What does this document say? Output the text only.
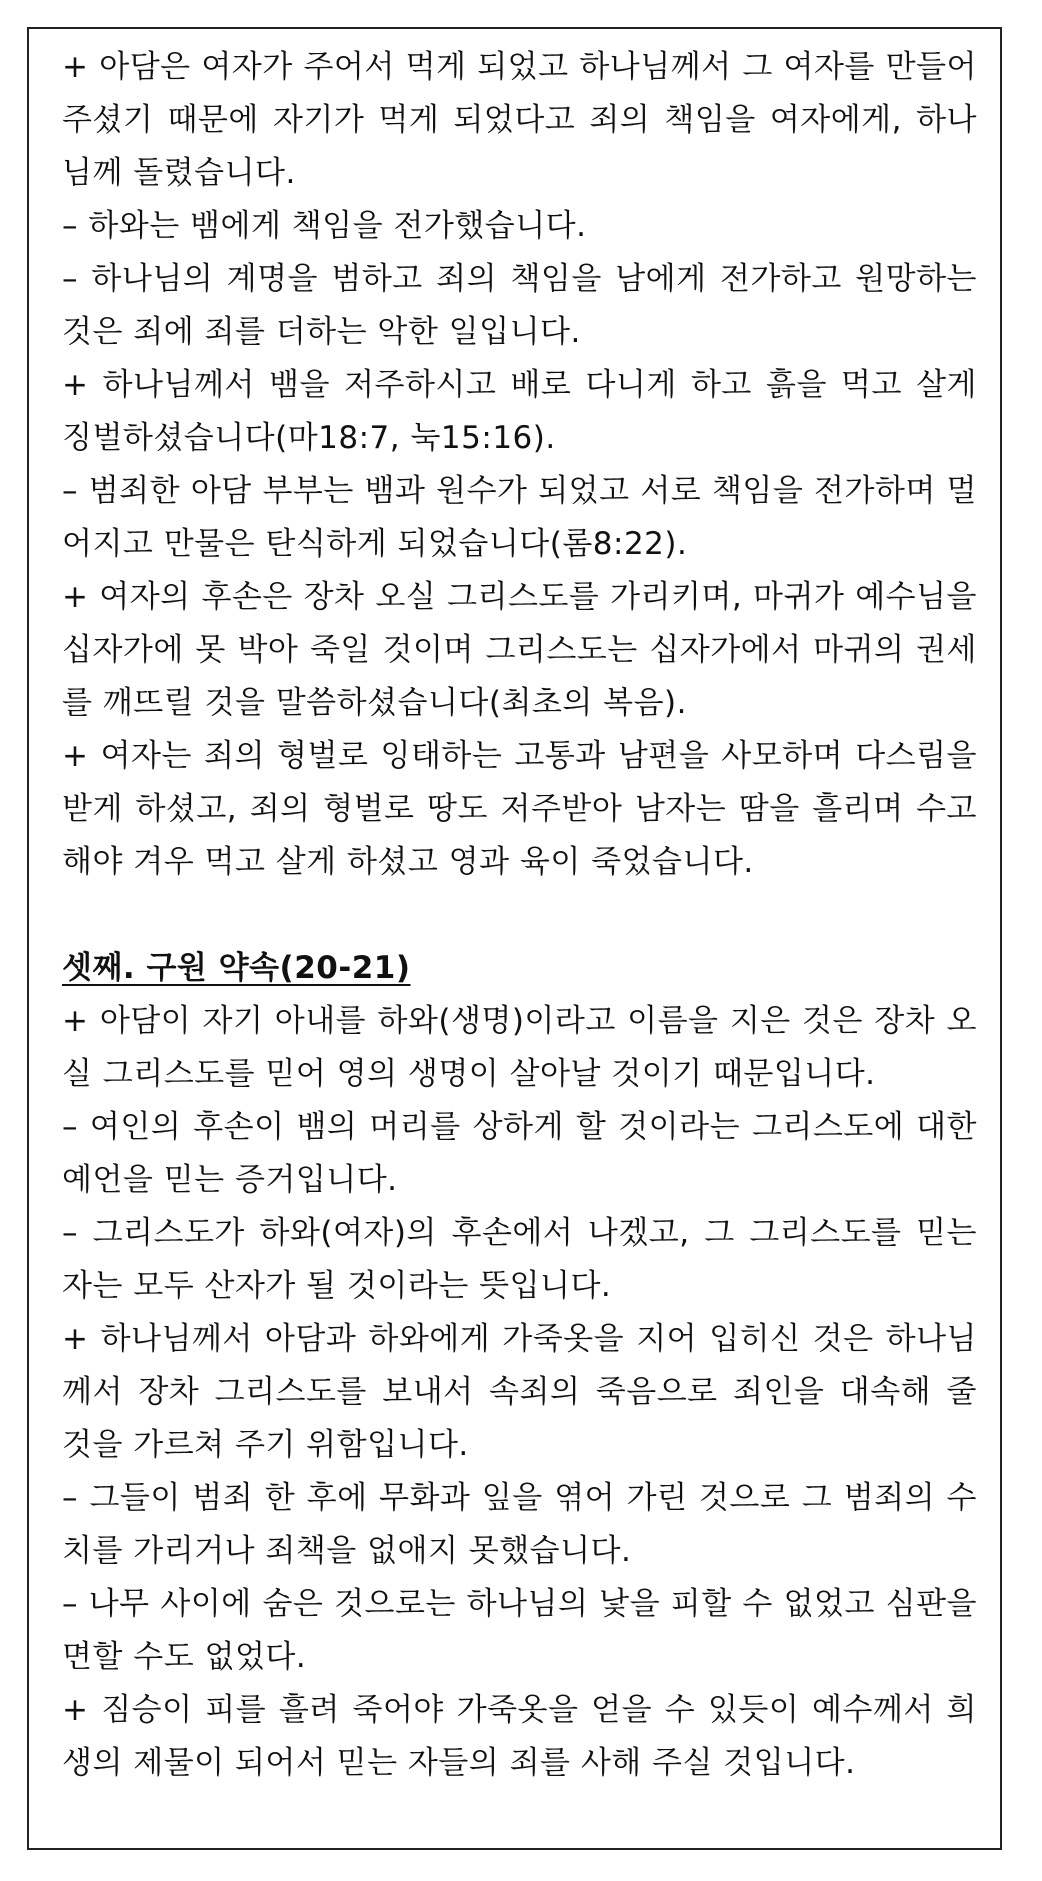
+ 아담은 여자가 주어서 먹게 되었고 하나님께서 그 여자를 만들어 주셨기 때문에 자기가 먹게 되었다고 죄의 책임을 여자에게, 하나님께 돌렸습니다.

– 하와는 뱀에게 책임을 전가했습니다.

– 하나님의 계명을 범하고 죄의 책임을 남에게 전가하고 원망하는 것은 죄에 죄를 더하는 악한 일입니다.

+ 하나님께서 뱀을 저주하시고 배로 다니게 하고 흙을 먹고 살게 징벌하셨습니다(마18:7, 눅15:16).

– 범죄한 아담 부부는 뱀과 원수가 되었고 서로 책임을 전가하며 멀어지고 만물은 탄식하게 되었습니다(롬8:22).

+ 여자의 후손은 장차 오실 그리스도를 가리키며, 마귀가 예수님을 십자가에 못 박아 죽일 것이며 그리스도는 십자가에서 마귀의 권세를 깨뜨릴 것을 말씀하셨습니다(최초의 복음).

+ 여자는 죄의 형벌로 잉태하는 고통과 남편을 사모하며 다스림을 받게 하셨고, 죄의 형벌로 땅도 저주받아 남자는 땀을 흘리며 수고해야 겨우 먹고 살게 하셨고 영과 육이 죽었습니다.

셋째. 구원 약속(20-21)

+ 아담이 자기 아내를 하와(생명)이라고 이름을 지은 것은 장차 오실 그리스도를 믿어 영의 생명이 살아날 것이기 때문입니다.

– 여인의 후손이 뱀의 머리를 상하게 할 것이라는 그리스도에 대한 예언을 믿는 증거입니다.

– 그리스도가 하와(여자)의 후손에서 나겠고, 그 그리스도를 믿는 자는 모두 산자가 될 것이라는 뜻입니다.

+ 하나님께서 아담과 하와에게 가죽옷을 지어 입히신 것은 하나님께서 장차 그리스도를 보내서 속죄의 죽음으로 죄인을 대속해 줄 것을 가르쳐 주기 위함입니다.

– 그들이 범죄 한 후에 무화과 잎을 엮어 가린 것으로 그 범죄의 수치를 가리거나 죄책을 없애지 못했습니다.

– 나무 사이에 숨은 것으로는 하나님의 낯을 피할 수 없었고 심판을 면할 수도 없었다.

+ 짐승이 피를 흘려 죽어야 가죽옷을 얻을 수 있듯이 예수께서 희생의 제물이 되어서 믿는 자들의 죄를 사해 주실 것입니다.
